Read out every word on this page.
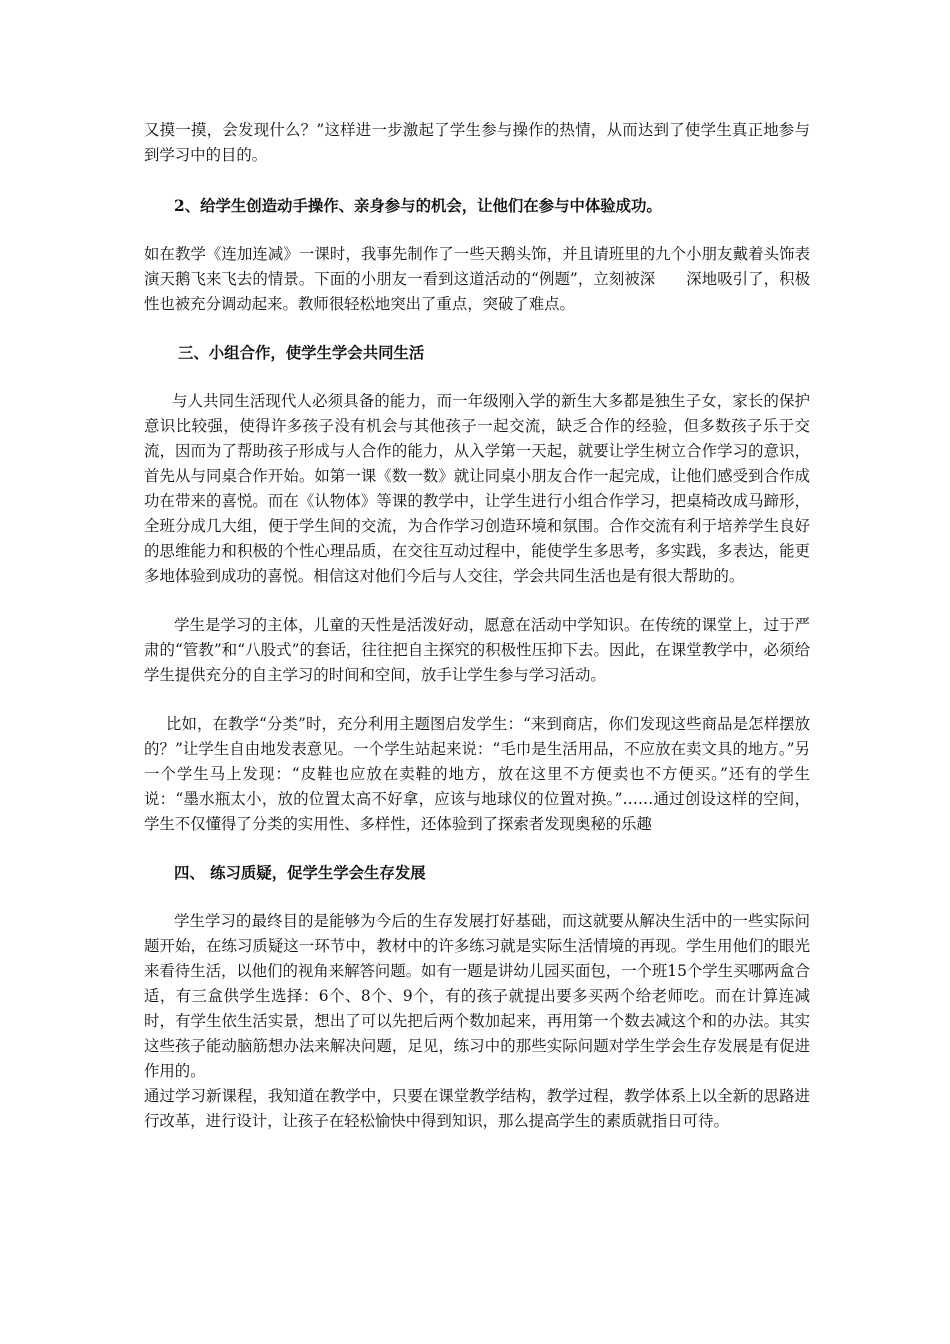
又摸一摸，会发现什么？”这样进一步激起了学生参与操作的热情，从而达到了使学生真正地参与到学习中的目的。

2、给学生创造动手操作、亲身参与的机会，让他们在参与中体验成功。

如在教学《连加连减》一课时，我事先制作了一些天鹅头饰，并且请班里的九个小朋友戴着头饰表演天鹅飞来飞去的情景。下面的小朋友一看到这道活动的“例题”，立刻被深　　深地吸引了，积极性也被充分调动起来。教师很轻松地突出了重点，突破了难点。

三、小组合作，使学生学会共同生活

与人共同生活现代人必须具备的能力，而一年级刚入学的新生大多都是独生子女，家长的保护意识比较强，使得许多孩子没有机会与其他孩子一起交流，缺乏合作的经验，但多数孩子乐于交流，因而为了帮助孩子形成与人合作的能力，从入学第一天起，就要让学生树立合作学习的意识，首先从与同桌合作开始。如第一课《数一数》就让同桌小朋友合作一起完成，让他们感受到合作成功在带来的喜悦。而在《认物体》等课的教学中，让学生进行小组合作学习，把桌椅改成马蹄形，全班分成几大组，便于学生间的交流，为合作学习创造环境和氛围。合作交流有利于培养学生良好的思维能力和积极的个性心理品质，在交往互动过程中，能使学生多思考，多实践，多表达，能更多地体验到成功的喜悦。相信这对他们今后与人交往，学会共同生活也是有很大帮助的。

学生是学习的主体，儿童的天性是活泼好动，愿意在活动中学知识。在传统的课堂上，过于严肃的“管教”和“八股式”的套话，往往把自主探究的积极性压抑下去。因此，在课堂教学中，必须给学生提供充分的自主学习的时间和空间，放手让学生参与学习活动。

比如，在教学“分类”时，充分利用主题图启发学生：“来到商店，你们发现这些商品是怎样摆放的？”让学生自由地发表意见。一个学生站起来说：“毛巾是生活用品，不应放在卖文具的地方。”另一个学生马上发现：“皮鞋也应放在卖鞋的地方，放在这里不方便卖也不方便买。”还有的学生说：“墨水瓶太小，放的位置太高不好拿，应该与地球仪的位置对换。”……通过创设这样的空间，学生不仅懂得了分类的实用性、多样性，还体验到了探索者发现奥秘的乐趣

四、 练习质疑，促学生学会生存发展

学生学习的最终目的是能够为今后的生存发展打好基础，而这就要从解决生活中的一些实际问题开始，在练习质疑这一环节中，教材中的许多练习就是实际生活情境的再现。学生用他们的眼光来看待生活，以他们的视角来解答问题。如有一题是讲幼儿园买面包，一个班15个学生买哪两盒合适，有三盒供学生选择：6个、8个、9个，有的孩子就提出要多买两个给老师吃。而在计算连减时，有学生依生活实景，想出了可以先把后两个数加起来，再用第一个数去减这个和的办法。其实这些孩子能动脑筋想办法来解决问题，足见，练习中的那些实际问题对学生学会生存发展是有促进作用的。

通过学习新课程，我知道在教学中，只要在课堂教学结构，教学过程，教学体系上以全新的思路进行改革，进行设计，让孩子在轻松愉快中得到知识，那么提高学生的素质就指日可待。
